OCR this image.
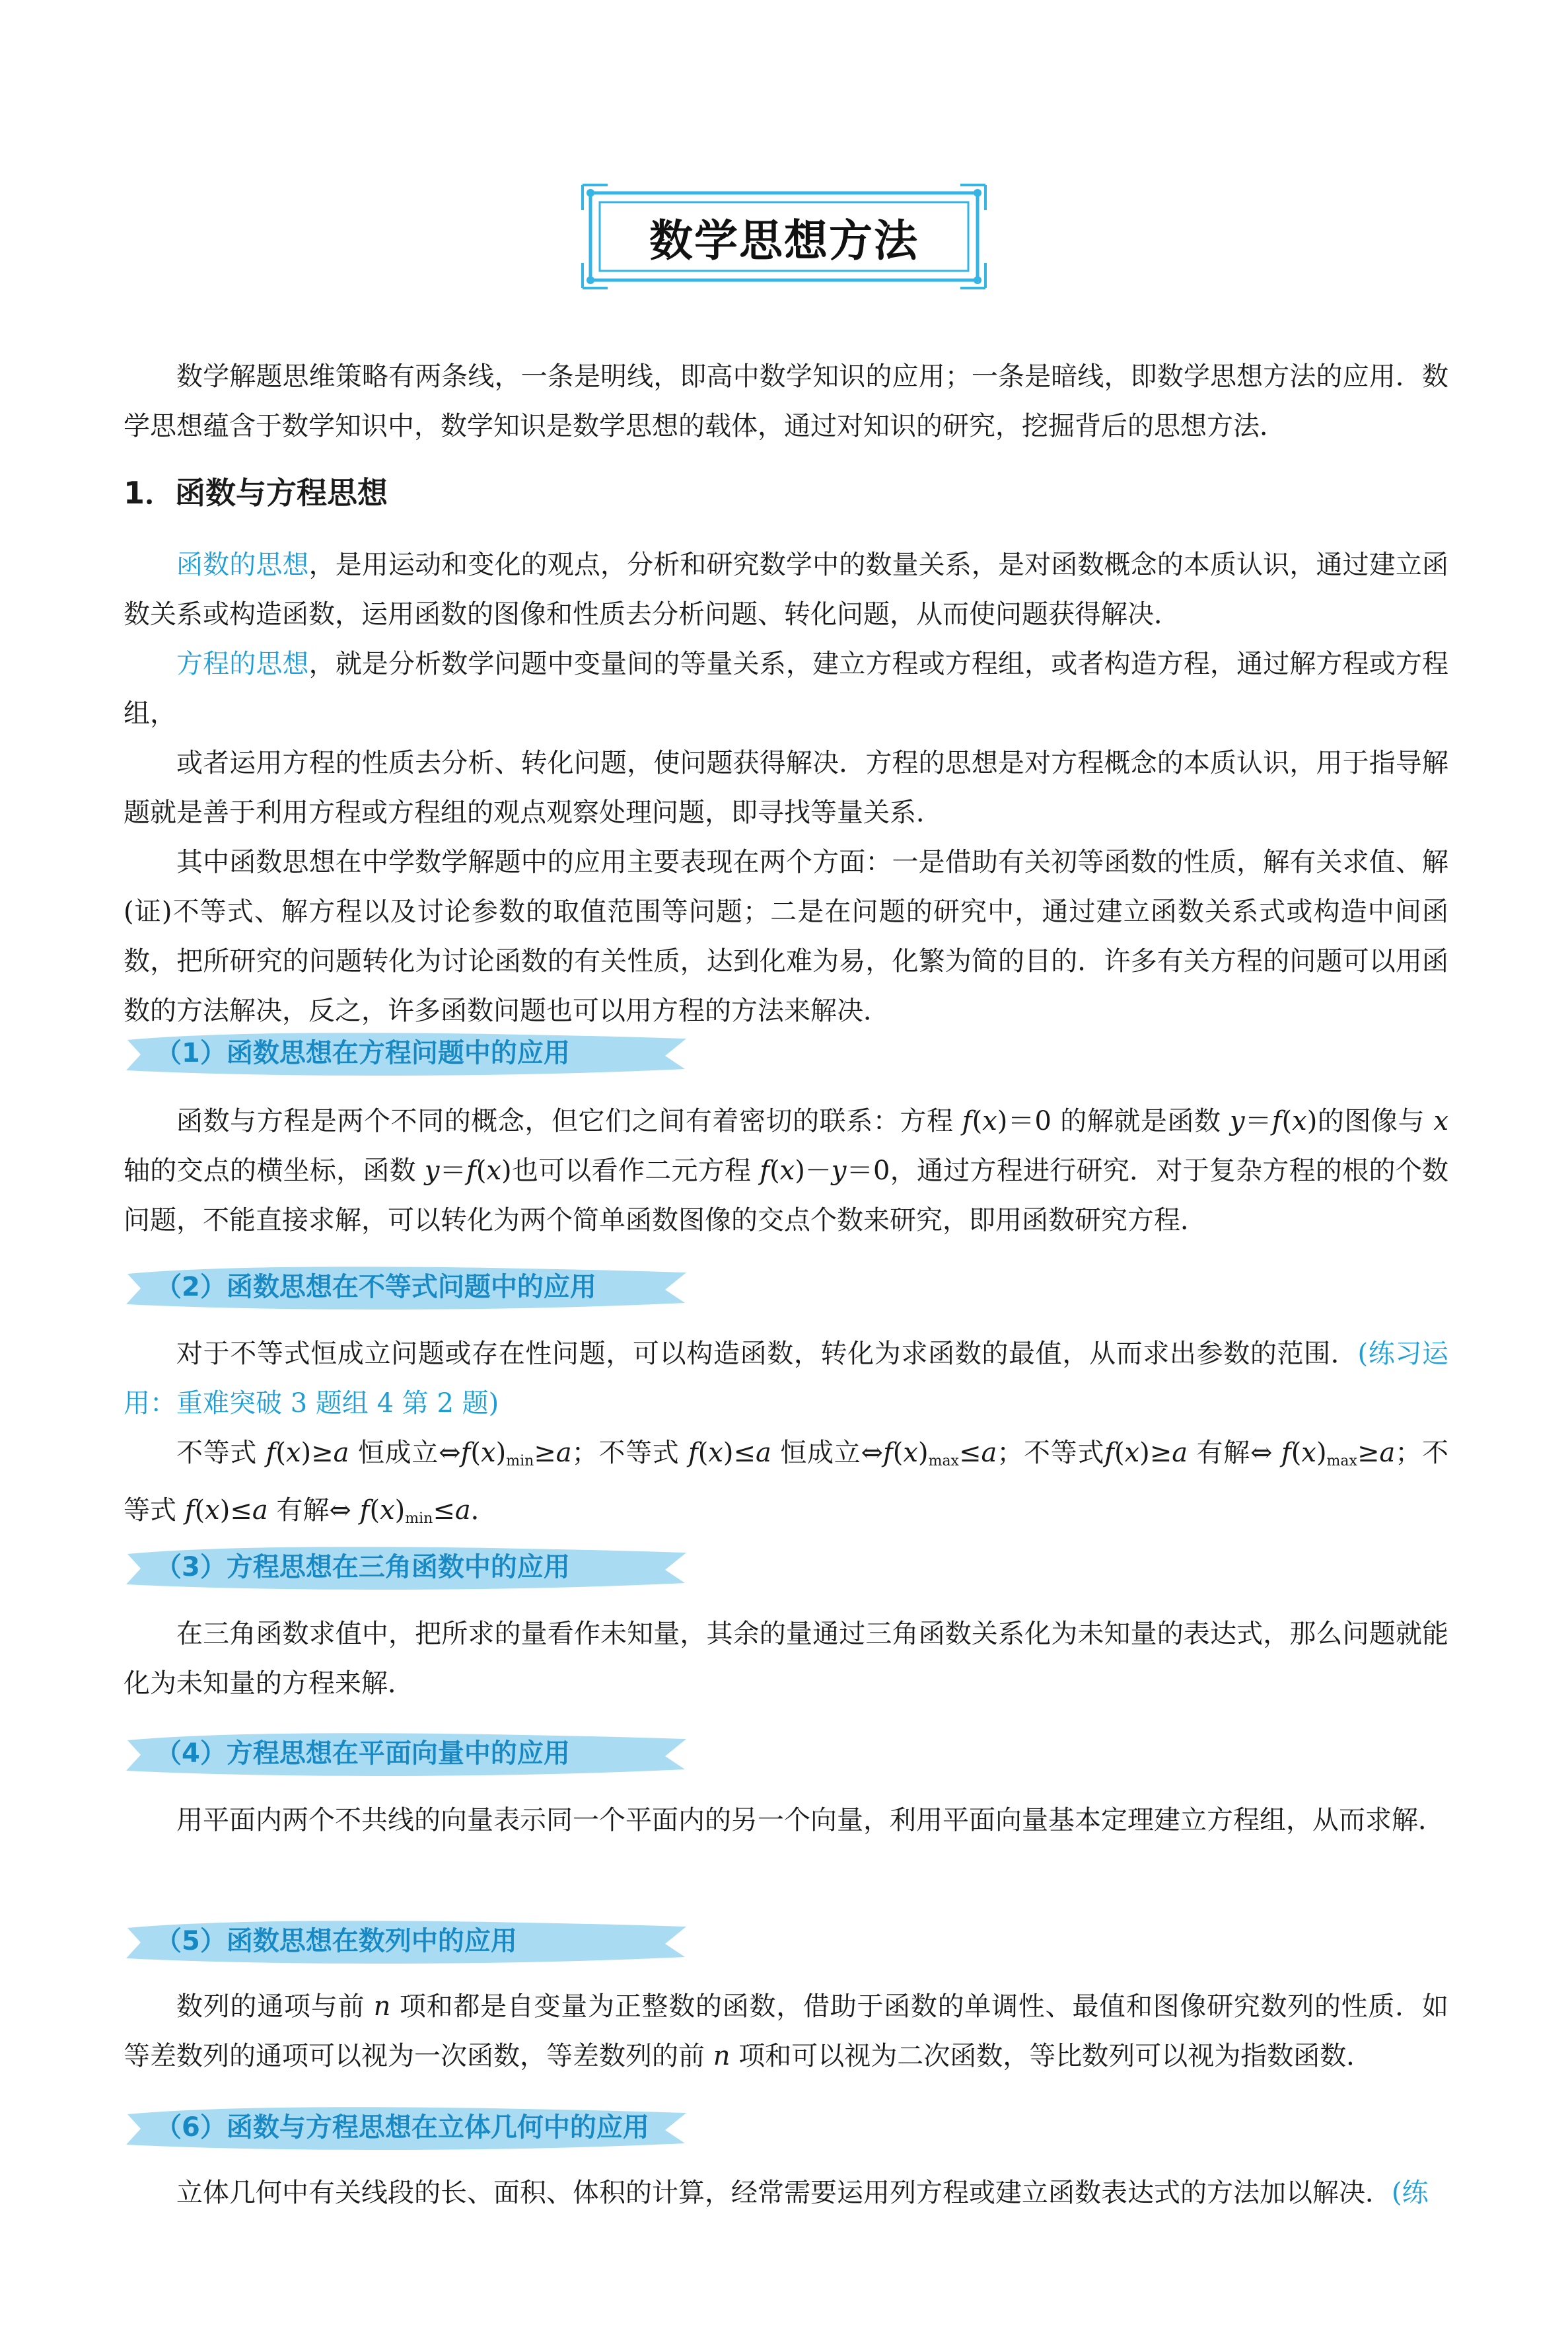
数学思想方法

数学解题思维策略有两条线，一条是明线，即高中数学知识的应用；一条是暗线，即数学思想方法的应用．数学思想蕴含于数学知识中，数学知识是数学思想的载体，通过对知识的研究，挖掘背后的思想方法．

1．函数与方程思想

函数的思想，是用运动和变化的观点，分析和研究数学中的数量关系，是对函数概念的本质认识，通过建立函数关系或构造函数，运用函数的图像和性质去分析问题、转化问题，从而使问题获得解决．

方程的思想，就是分析数学问题中变量间的等量关系，建立方程或方程组，或者构造方程，通过解方程或方程组，

或者运用方程的性质去分析、转化问题，使问题获得解决．方程的思想是对方程概念的本质认识，用于指导解题就是善于利用方程或方程组的观点观察处理问题，即寻找等量关系．

其中函数思想在中学数学解题中的应用主要表现在两个方面：一是借助有关初等函数的性质，解有关求值、解(证)不等式、解方程以及讨论参数的取值范围等问题；二是在问题的研究中，通过建立函数关系式或构造中间函数，把所研究的问题转化为讨论函数的有关性质，达到化难为易，化繁为简的目的．许多有关方程的问题可以用函数的方法解决，反之，许多函数问题也可以用方程的方法来解决．

（1）函数思想在方程问题中的应用

函数与方程是两个不同的概念，但它们之间有着密切的联系：方程 f(x)＝0 的解就是函数 y＝f(x)的图像与 x 轴的交点的横坐标，函数 y＝f(x)也可以看作二元方程 f(x)－y＝0，通过方程进行研究．对于复杂方程的根的个数问题，不能直接求解，可以转化为两个简单函数图像的交点个数来研究，即用函数研究方程．

（2）函数思想在不等式问题中的应用

对于不等式恒成立问题或存在性问题，可以构造函数，转化为求函数的最值，从而求出参数的范围．(练习运用：重难突破 3 题组 4 第 2 题)

不等式 f(x)≥a 恒成立$\Leftrightarrow f(x)_{min}\ge a$；不等式 f(x)≤a 恒成立$\Leftrightarrow f(x)_{max}\le a$；不等式f(x)≥a 有解⇔ $f(x)_{max}\ge a$；不等式 f(x)≤a 有解⇔ $f(x)_{min}\le a$．

（3）方程思想在三角函数中的应用

在三角函数求值中，把所求的量看作未知量，其余的量通过三角函数关系化为未知量的表达式，那么问题就能化为未知量的方程来解．

（4）方程思想在平面向量中的应用

用平面内两个不共线的向量表示同一个平面内的另一个向量，利用平面向量基本定理建立方程组，从而求解．

（5）函数思想在数列中的应用

数列的通项与前 n 项和都是自变量为正整数的函数，借助于函数的单调性、最值和图像研究数列的性质．如等差数列的通项可以视为一次函数，等差数列的前 n 项和可以视为二次函数，等比数列可以视为指数函数．

（6）函数与方程思想在立体几何中的应用

立体几何中有关线段的长、面积、体积的计算，经常需要运用列方程或建立函数表达式的方法加以解决．(练
